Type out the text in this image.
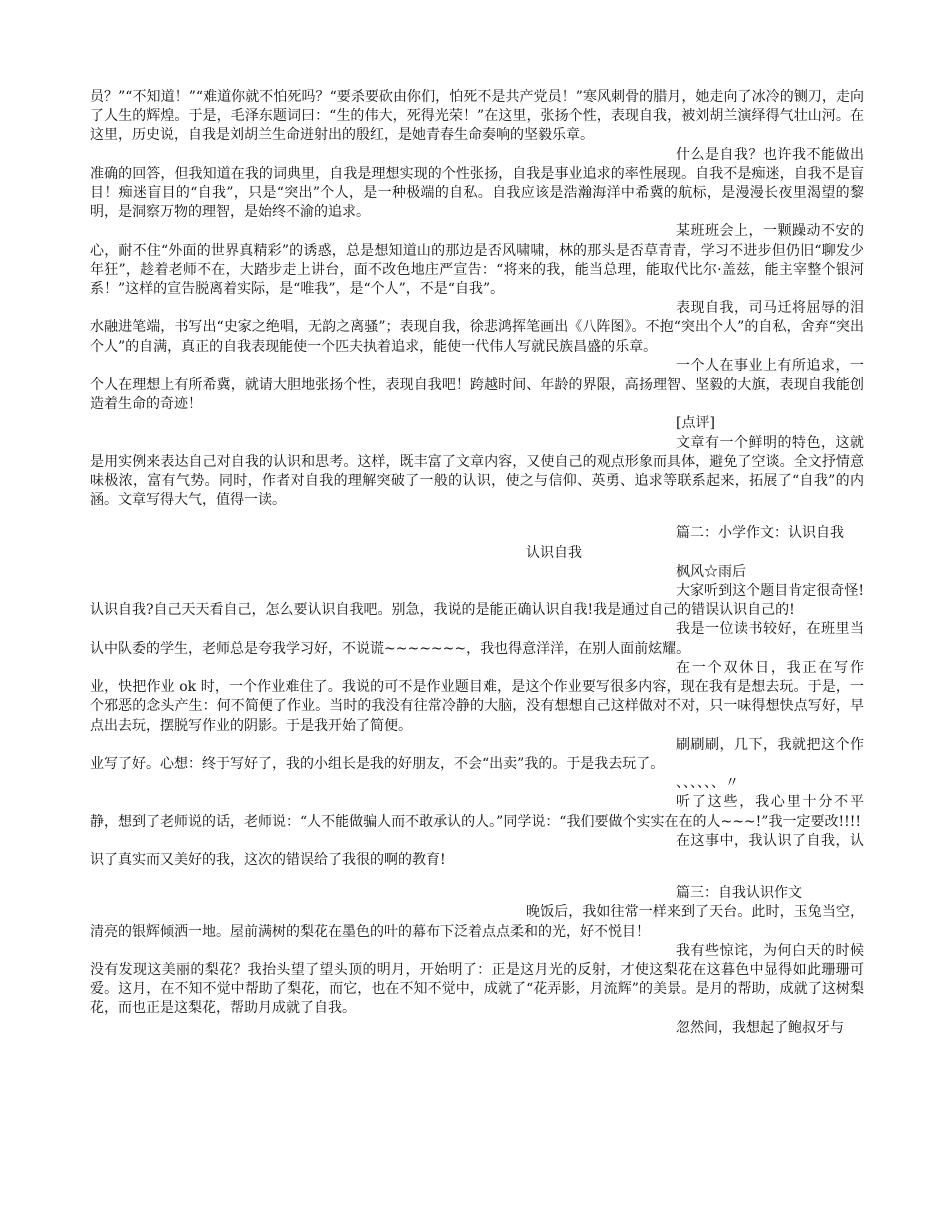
员？”“不知道！”“难道你就不怕死吗？“要杀要砍由你们，怕死不是共产党员！”寒风刺骨的腊月，她走向了冰冷的铡刀，走向了人生的辉煌。于是，毛泽东题词曰：“生的伟大，死得光荣！”在这里，张扬个性，表现自我，被刘胡兰演绎得气壮山河。在这里，历史说，自我是刘胡兰生命迸射出的殷红，是她青春生命奏响的坚毅乐章。
什么是自我？也许我不能做出准确的回答，但我知道在我的词典里，自我是理想实现的个性张扬，自我是事业追求的率性展现。自我不是痴迷，自我不是盲目！痴迷盲目的“自我”，只是“突出”个人，是一种极端的自私。自我应该是浩瀚海洋中希冀的航标，是漫漫长夜里渴望的黎明，是洞察万物的理智，是始终不渝的追求。
某班班会上，一颗躁动不安的心，耐不住“外面的世界真精彩”的诱惑，总是想知道山的那边是否风啸啸，林的那头是否草青青，学习不进步但仍旧“聊发少年狂”，趁着老师不在，大踏步走上讲台，面不改色地庄严宣告：“将来的我，能当总理，能取代比尔·盖兹，能主宰整个银河系！”这样的宣告脱离着实际，是“唯我”，是“个人”，不是“自我”。
表现自我，司马迁将屈辱的泪水融进笔端，书写出“史家之绝唱，无韵之离骚”；表现自我，徐悲鸿挥笔画出《八阵图》。不抱“突出个人”的自私，舍弃“突出个人”的自满，真正的自我表现能使一个匹夫执着追求，能使一代伟人写就民族昌盛的乐章。
一个人在事业上有所追求，一个人在理想上有所希冀，就请大胆地张扬个性，表现自我吧！跨越时间、年龄的界限，高扬理智、坚毅的大旗，表现自我能创造着生命的奇迹！
[点评]
文章有一个鲜明的特色，这就是用实例来表达自己对自我的认识和思考。这样，既丰富了文章内容，又使自己的观点形象而具体，避免了空谈。全文抒情意味极浓，富有气势。同时，作者对自我的理解突破了一般的认识，使之与信仰、英勇、追求等联系起来，拓展了“自我”的内涵。文章写得大气，值得一读。
篇二：小学作文：认识自我
认识自我
枫风☆雨后
大家听到这个题目肯定很奇怪!认识自我?自己天天看自己，怎么要认识自我吧。别急，我说的是能正确认识自我!我是通过自己的错误认识自己的!
我是一位读书较好，在班里当认中队委的学生，老师总是夸我学习好，不说谎~~~~~~~，我也得意洋洋，在别人面前炫耀。
在一个双休日，我正在写作业，快把作业 ok 时，一个作业难住了。我说的可不是作业题目难，是这个作业要写很多内容，现在我有是想去玩。于是，一个邪恶的念头产生：何不简便了作业。当时的我没有往常冷静的大脑，没有想想自己这样做对不对，只一味得想快点写好，早点出去玩，摆脱写作业的阴影。于是我开始了简便。
刷刷刷，几下，我就把这个作业写了好。心想：终于写好了，我的小组长是我的好朋友，不会“出卖”我的。于是我去玩了。
、、、、、、〃
听了这些，我心里十分不平静，想到了老师说的话，老师说：“人不能做骗人而不敢承认的人。”同学说：“我们要做个实实在在的人~~~!”我一定要改!!!!
在这事中，我认识了自我，认识了真实而又美好的我，这次的错误给了我很的啊的教育!
篇三：自我认识作文
晚饭后，我如往常一样来到了天台。此时，玉兔当空，清亮的银辉倾洒一地。屋前满树的梨花在墨色的叶的幕布下泛着点点柔和的光，好不悦目！
我有些惊诧，为何白天的时候没有发现这美丽的梨花？我抬头望了望头顶的明月，开始明了：正是这月光的反射，才使这梨花在这暮色中显得如此珊珊可爱。这月，在不知不觉中帮助了梨花，而它，也在不知不觉中，成就了“花弄影，月流辉”的美景。是月的帮助，成就了这树梨花，而也正是这梨花，帮助月成就了自我。
忽然间，我想起了鲍叔牙与
